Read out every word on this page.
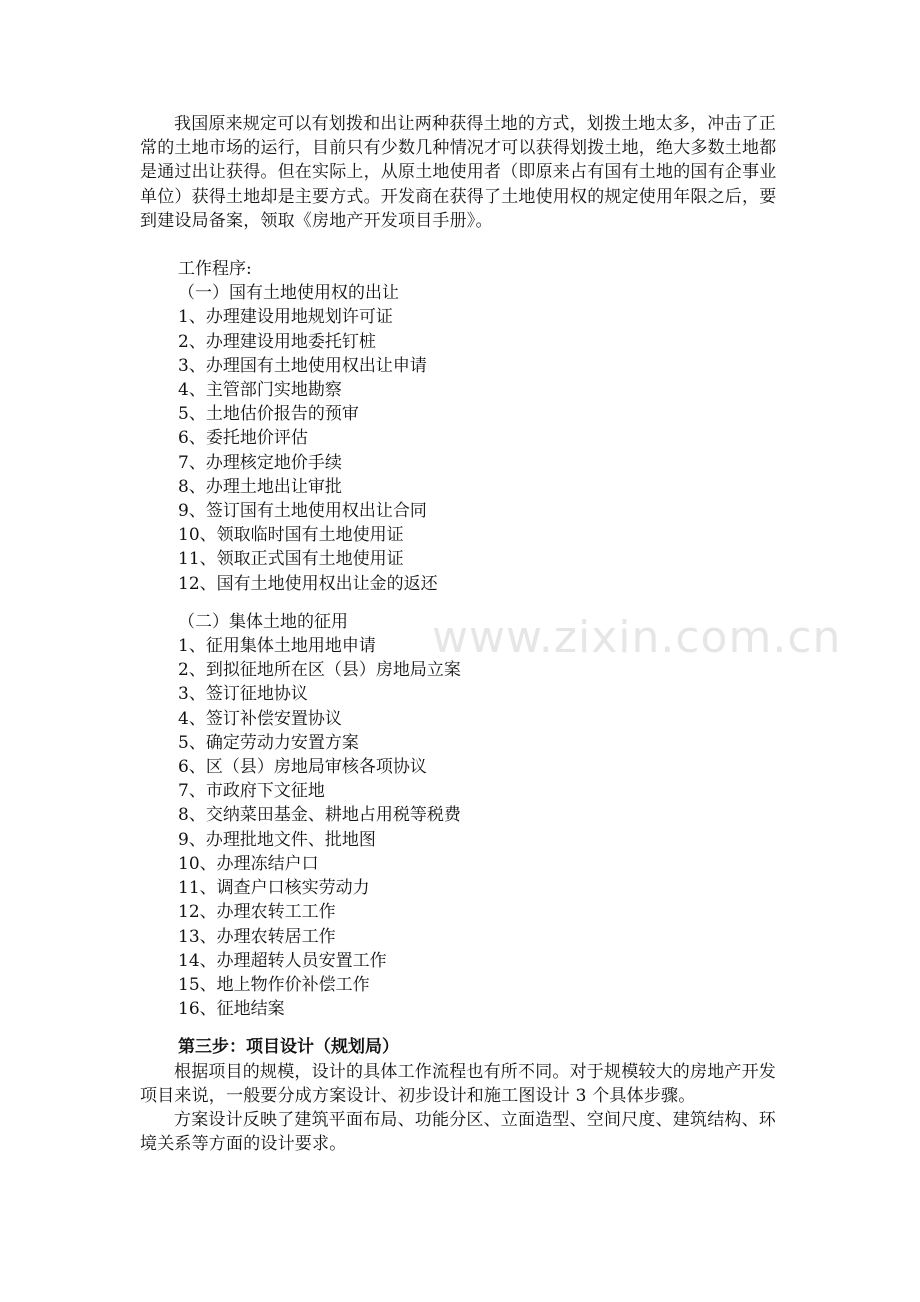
www.zixin.com.cn

我国原来规定可以有划拨和出让两种获得土地的方式，划拨土地太多，冲击了正常的土地市场的运行，目前只有少数几种情况才可以获得划拨土地，绝大多数土地都是通过出让获得。但在实际上，从原土地使用者（即原来占有国有土地的国有企事业单位）获得土地却是主要方式。开发商在获得了土地使用权的规定使用年限之后，要到建设局备案，领取《房地产开发项目手册》。

工作程序:

（一）国有土地使用权的出让

1、办理建设用地规划许可证

2、办理建设用地委托钉桩

3、办理国有土地使用权出让申请

4、主管部门实地勘察

5、土地估价报告的预审

6、委托地价评估

7、办理核定地价手续

8、办理土地出让审批

9、签订国有土地使用权出让合同

10、领取临时国有土地使用证

11、领取正式国有土地使用证

12、国有土地使用权出让金的返还

（二）集体土地的征用

1、征用集体土地用地申请

2、到拟征地所在区（县）房地局立案

3、签订征地协议

4、签订补偿安置协议

5、确定劳动力安置方案

6、区（县）房地局审核各项协议

7、市政府下文征地

8、交纳菜田基金、耕地占用税等税费

9、办理批地文件、批地图

10、办理冻结户口

11、调查户口核实劳动力

12、办理农转工工作

13、办理农转居工作

14、办理超转人员安置工作

15、地上物作价补偿工作

16、征地结案

第三步：项目设计（规划局）

根据项目的规模，设计的具体工作流程也有所不同。对于规模较大的房地产开发项目来说，一般要分成方案设计、初步设计和施工图设计 3 个具体步骤。

方案设计反映了建筑平面布局、功能分区、立面造型、空间尺度、建筑结构、环境关系等方面的设计要求。
